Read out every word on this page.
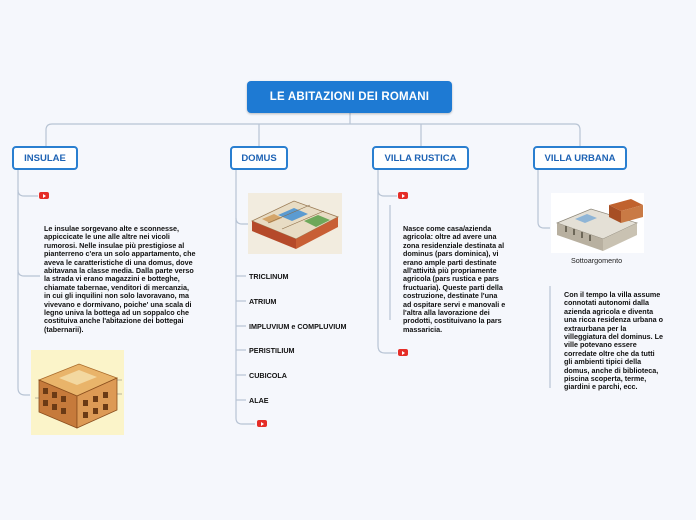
LE ABITAZIONI DEI ROMANI
INSULAE	DOMUS	VILLA RUSTICA	VILLA URBANA
Le insulae sorgevano alte e sconnesse,
appiccicate le une alle altre nei vicoli
rumorosi. Nelle insulae più prestigiose al
pianterreno c'era un solo appartamento, che
aveva le caratteristiche di una domus, dove
abitavana la classe media. Dalla parte verso
la strada vi erano magazzini e botteghe,
chiamate tabernae, venditori di mercanzia,
in cui gli inquilini non solo lavoravano, ma
vivevano e dormivano, poiche' una scala di
legno univa la bottega ad un soppalco che
costituiva anche l'abitazione dei bottegai
(tabernarii).
TRICLINUM
ATRIUM
IMPLUVIUM e COMPLUVIUM
PERISTILIUM
CUBICOLA
ALAE
Nasce come casa/azienda
agricola: oltre ad avere una
zona residenziale destinata al
dominus (pars dominica), vi
erano ample parti destinate
all'attività più propriamente
agricola (pars rustica e pars
fructuaria). Queste parti della
costruzione, destinate l'una
ad ospitare servi e manovali e
l'altra alla lavorazione dei
prodotti, costituivano la pars
massaricia.
Sottoargomento
Con il tempo la villa assume
connotati autonomi dalla
azienda agricola e diventa
una ricca residenza urbana o
extraurbana per la
villeggiatura del dominus. Le
ville potevano essere
corredate oltre che da tutti
gli ambienti tipici della
domus, anche di biblioteca,
piscina scoperta, terme,
giardini e parchi, ecc.
